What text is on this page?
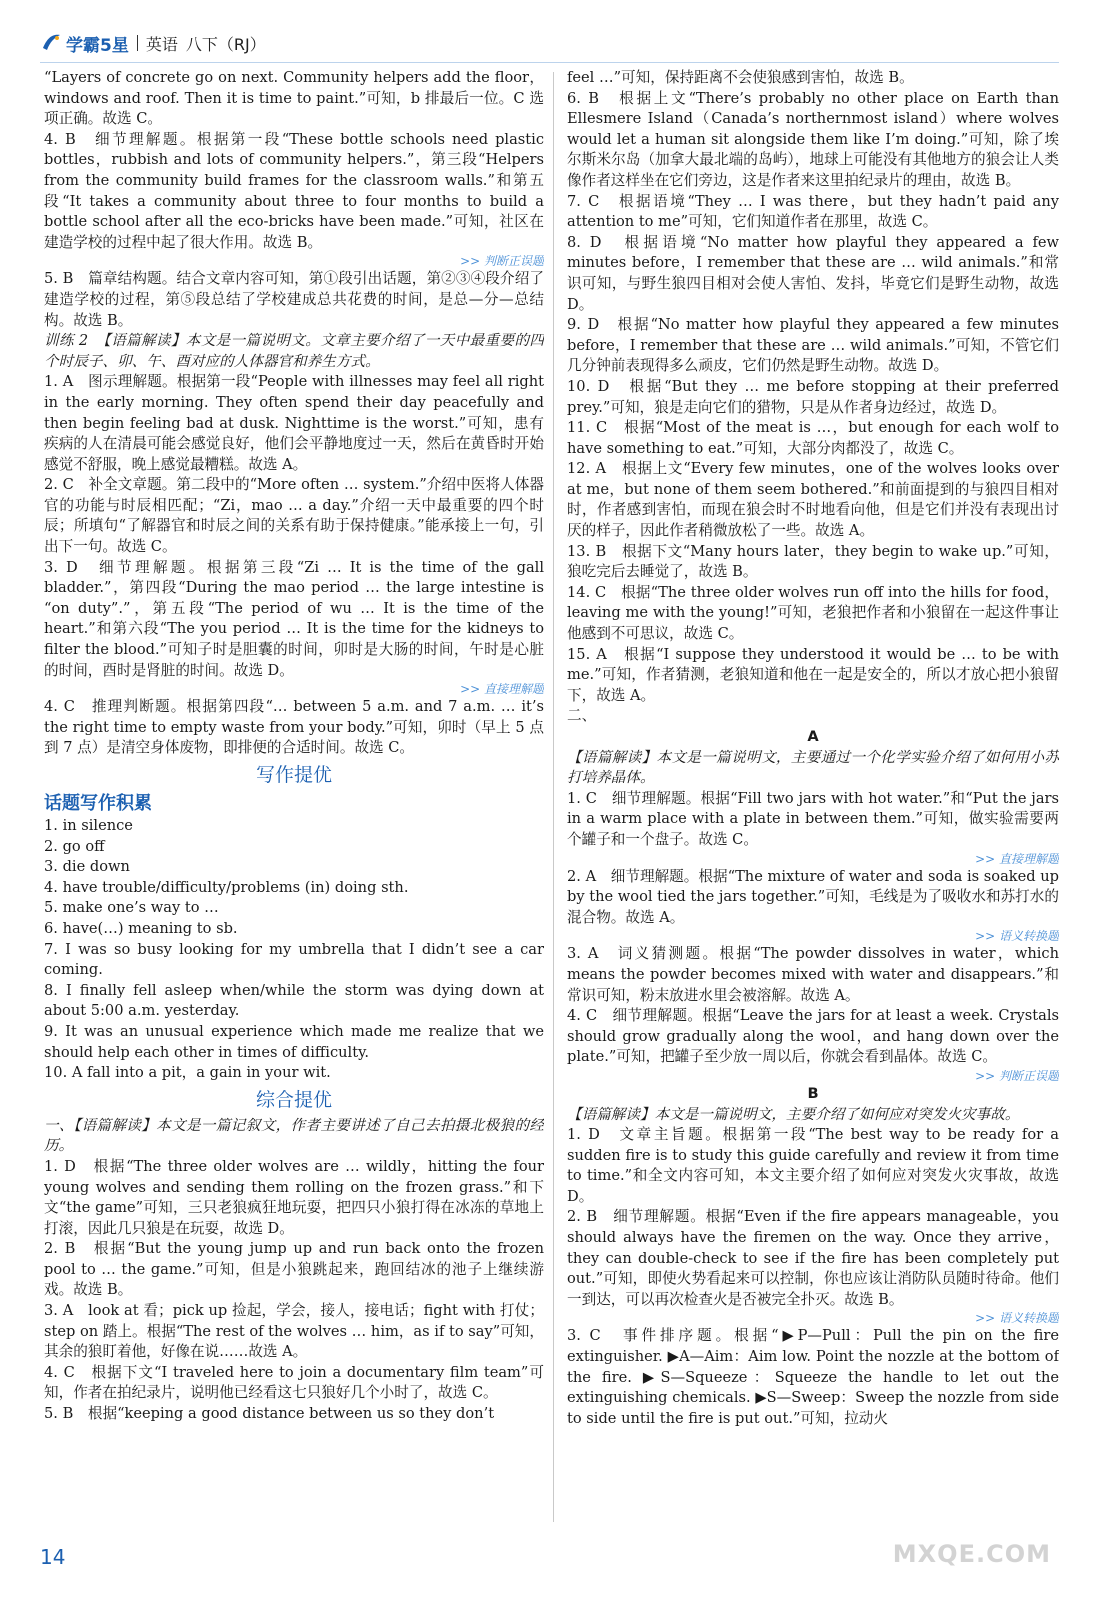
学霸5星 英语 八下（RJ）
“Layers of concrete go on next. Community helpers add the floor，windows and roof. Then it is time to paint.”可知，b 排最后一位。C 选项正确。故选 C。
4. B　细节理解题。根据第一段“These bottle schools need plastic bottles，rubbish and lots of community helpers.”，第三段“Helpers from the community build frames for the classroom walls.”和第五段“It takes a community about three to four months to build a bottle school after all the eco-bricks have been made.”可知，社区在建造学校的过程中起了很大作用。故选 B。
>> 判断正误题
5. B　篇章结构题。结合文章内容可知，第①段引出话题，第②③④段介绍了建造学校的过程，第⑤段总结了学校建成总共花费的时间，是总—分—总结构。故选 B。
训练 2　【语篇解读】本文是一篇说明文。文章主要介绍了一天中最重要的四个时辰子、卯、午、酉对应的人体器官和养生方式。
1. A　图示理解题。根据第一段“People with illnesses may feel all right in the early morning. They often spend their day peacefully and then begin feeling bad at dusk. Nighttime is the worst.”可知，患有疾病的人在清晨可能会感觉良好，他们会平静地度过一天，然后在黄昏时开始感觉不舒服，晚上感觉最糟糕。故选 A。
2. C　补全文章题。第二段中的“More often … system.”介绍中医将人体器官的功能与时辰相匹配；“Zi，mao … a day.”介绍一天中最重要的四个时辰；所填句“了解器官和时辰之间的关系有助于保持健康。”能承接上一句，引出下一句。故选 C。
3. D　细节理解题。根据第三段“Zi … It is the time of the gall bladder.”，第四段“During the mao period … the large intestine is “on duty”.”，第五段“The period of wu … It is the time of the heart.”和第六段“The you period … It is the time for the kidneys to filter the blood.”可知子时是胆囊的时间，卯时是大肠的时间，午时是心脏的时间，酉时是肾脏的时间。故选 D。
>> 直接理解题
4. C　推理判断题。根据第四段“… between 5 a.m. and 7 a.m. … it’s the right time to empty waste from your body.”可知，卯时（早上 5 点到 7 点）是清空身体废物，即排便的合适时间。故选 C。
写作提优
话题写作积累
1. in silence
2. go off
3. die down
4. have trouble/difficulty/problems (in) doing sth.
5. make one’s way to …
6. have(…) meaning to sb.
7. I was so busy looking for my umbrella that I didn’t see a car coming.
8. I finally fell asleep when/while the storm was dying down at about 5:00 a.m. yesterday.
9. It was an unusual experience which made me realize that we should help each other in times of difficulty.
10. A fall into a pit，a gain in your wit.
综合提优
一、【语篇解读】本文是一篇记叙文，作者主要讲述了自己去拍摄北极狼的经历。
1. D　根据“The three older wolves are … wildly，hitting the four young wolves and sending them rolling on the frozen grass.”和下文“the game”可知，三只老狼疯狂地玩耍，把四只小狼打得在冰冻的草地上打滚，因此几只狼是在玩耍，故选 D。
2. B　根据“But the young jump up and run back onto the frozen pool to … the game.”可知，但是小狼跳起来，跑回结冰的池子上继续游戏。故选 B。
3. A　look at 看；pick up 捡起，学会，接人，接电话；fight with 打仗；step on 踏上。根据“The rest of the wolves … him，as if to say”可知，其余的狼盯着他，好像在说……故选 A。
4. C　根据下文“I traveled here to join a documentary film team”可知，作者在拍纪录片，说明他已经看这七只狼好几个小时了，故选 C。
5. B　根据“keeping a good distance between us so they don’t
feel …”可知，保持距离不会使狼感到害怕，故选 B。
6. B　根据上文“There’s probably no other place on Earth than Ellesmere Island（Canada’s northernmost island）where wolves would let a human sit alongside them like I’m doing.”可知，除了埃尔斯米尔岛（加拿大最北端的岛屿），地球上可能没有其他地方的狼会让人类像作者这样坐在它们旁边，这是作者来这里拍纪录片的理由，故选 B。
7. C　根据语境“They … I was there，but they hadn’t paid any attention to me”可知，它们知道作者在那里，故选 C。
8. D　根据语境“No matter how playful they appeared a few minutes before，I remember that these are … wild animals.”和常识可知，与野生狼四目相对会使人害怕、发抖，毕竟它们是野生动物，故选 D。
9. D　根据“No matter how playful they appeared a few minutes before，I remember that these are … wild animals.”可知，不管它们几分钟前表现得多么顽皮，它们仍然是野生动物。故选 D。
10. D　根据“But they … me before stopping at their preferred prey.”可知，狼是走向它们的猎物，只是从作者身边经过，故选 D。
11. C　根据“Most of the meat is …，but enough for each wolf to have something to eat.”可知，大部分肉都没了，故选 C。
12. A　根据上文“Every few minutes，one of the wolves looks over at me，but none of them seem bothered.”和前面提到的与狼四目相对时，作者感到害怕，而现在狼会时不时地看向他，但是它们并没有表现出讨厌的样子，因此作者稍微放松了一些。故选 A。
13. B　根据下文“Many hours later，they begin to wake up.”可知，狼吃完后去睡觉了，故选 B。
14. C　根据“The three older wolves run off into the hills for food，leaving me with the young!”可知，老狼把作者和小狼留在一起这件事让他感到不可思议，故选 C。
15. A　根据“I suppose they understood it would be … to be with me.”可知，作者猜测，老狼知道和他在一起是安全的，所以才放心把小狼留下，故选 A。
二、
A
【语篇解读】本文是一篇说明文，主要通过一个化学实验介绍了如何用小苏打培养晶体。
1. C　细节理解题。根据“Fill two jars with hot water.”和“Put the jars in a warm place with a plate in between them.”可知，做实验需要两个罐子和一个盘子。故选 C。
>> 直接理解题
2. A　细节理解题。根据“The mixture of water and soda is soaked up by the wool tied the jars together.”可知，毛线是为了吸收水和苏打水的混合物。故选 A。
>> 语义转换题
3. A　词义猜测题。根据“The powder dissolves in water，which means the powder becomes mixed with water and disappears.”和常识可知，粉末放进水里会被溶解。故选 A。
4. C　细节理解题。根据“Leave the jars for at least a week. Crystals should grow gradually along the wool，and hang down over the plate.”可知，把罐子至少放一周以后，你就会看到晶体。故选 C。
>> 判断正误题
B
【语篇解读】本文是一篇说明文，主要介绍了如何应对突发火灾事故。
1. D　文章主旨题。根据第一段“The best way to be ready for a sudden fire is to study this guide carefully and review it from time to time.”和全文内容可知，本文主要介绍了如何应对突发火灾事故，故选 D。
2. B　细节理解题。根据“Even if the fire appears manageable，you should always have the firemen on the way. Once they arrive，they can double-check to see if the fire has been completely put out.”可知，即使火势看起来可以控制，你也应该让消防队员随时待命。他们一到达，可以再次检查火是否被完全扑灭。故选 B。
>> 语义转换题
3. C　事件排序题。根据“▶P—Pull：Pull the pin on the fire extinguisher. ▶A—Aim：Aim low. Point the nozzle at the bottom of the fire. ▶S—Squeeze：Squeeze the handle to let out the extinguishing chemicals. ▶S—Sweep：Sweep the nozzle from side to side until the fire is put out.”可知，拉动火
14	MXQE.COM
